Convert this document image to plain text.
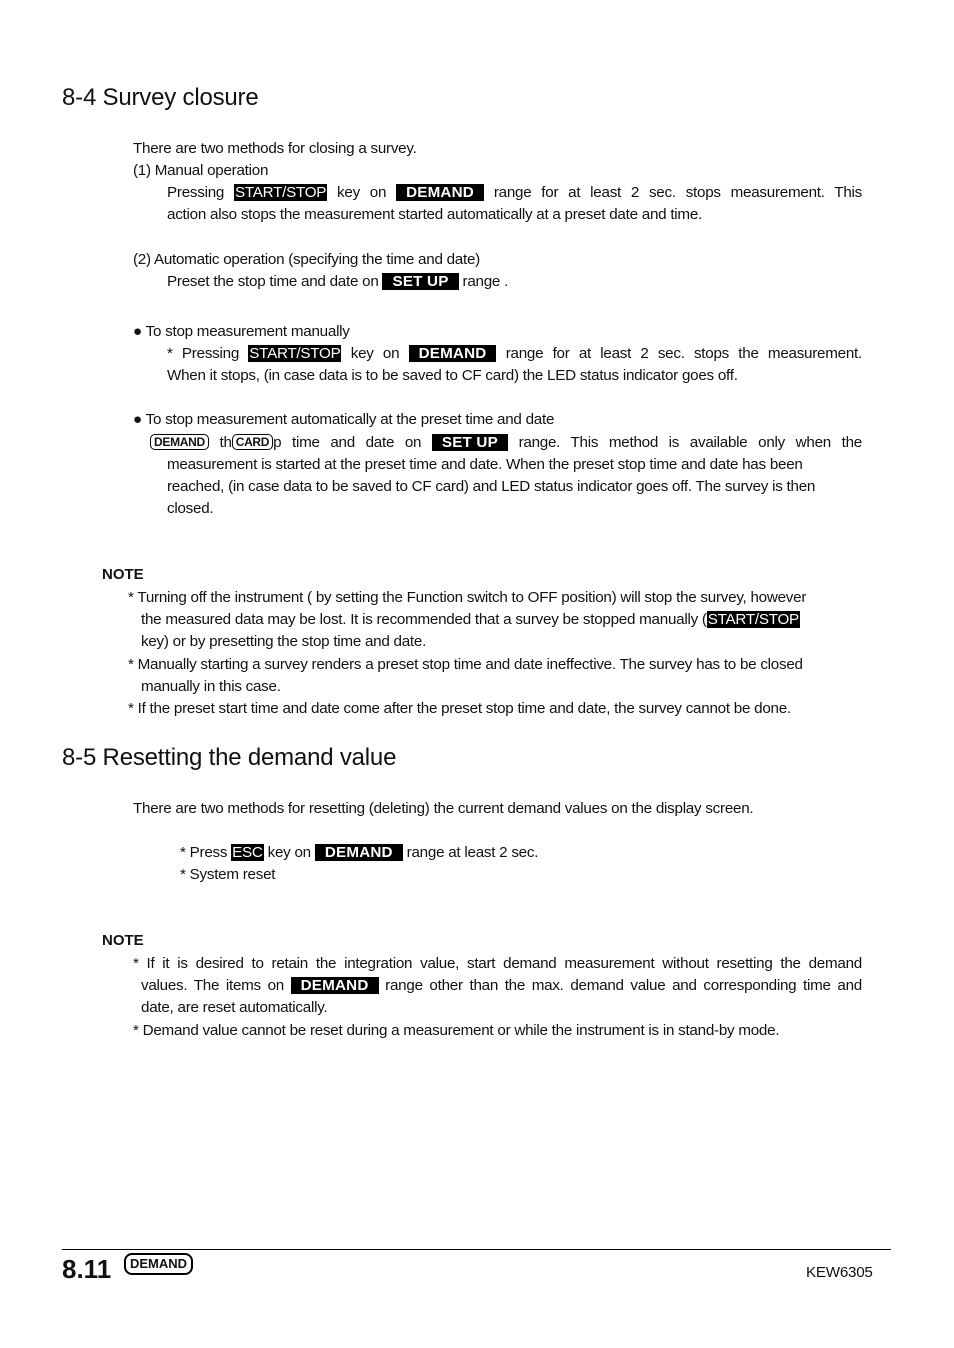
8-4 Survey closure
There are two methods for closing a survey.
(1) Manual operation
Pressing START/STOP key on DEMAND range for at least 2 sec. stops measurement. This
action also stops the measurement started automatically at a preset date and time.
(2) Automatic operation (specifying the time and date)
Preset the stop time and date on SET UP range .
● To stop measurement manually
* Pressing START/STOP key on DEMAND range for at least 2 sec. stops the measurement.
When it stops, (in case data is to be saved to CF card) the LED status indicator goes off.
● To stop measurement automatically at the preset time and date
DEMAND th CARD p time and date on SET UP range. This method is available only when the
measurement is started at the preset time and date. When the preset stop time and date has been
reached, (in case data to be saved to CF card) and LED status indicator goes off. The survey is then
closed.
NOTE
* Turning off the instrument ( by setting the Function switch to OFF position) will stop the survey, however
the measured data may be lost. It is recommended that a survey be stopped manually (START/STOP
key) or by presetting the stop time and date.
* Manually starting a survey renders a preset stop time and date ineffective. The survey has to be closed
manually in this case.
* If the preset start time and date come after the preset stop time and date, the survey cannot be done.
8-5 Resetting the demand value
There are two methods for resetting (deleting) the current demand values on the display screen.
* Press ESC key on DEMAND range at least 2 sec.
* System reset
NOTE
* If it is desired to retain the integration value, start demand measurement without resetting the demand
values. The items on DEMAND range other than the max. demand value and corresponding time and
date, are reset automatically.
* Demand value cannot be reset during a measurement or while the instrument is in stand-by mode.
8.11	DEMAND
KEW6305
